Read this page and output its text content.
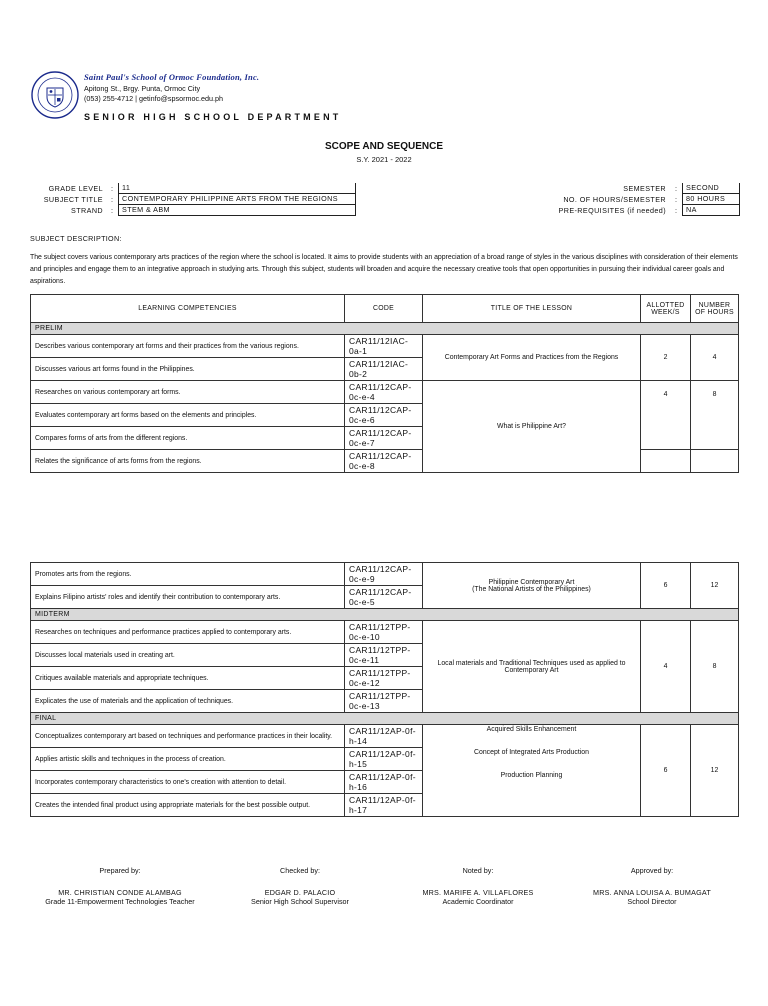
Saint Paul's School of Ormoc Foundation, Inc.
Apitong St., Brgy. Punta, Ormoc City
(053) 255-4712 | getinfo@spsormoc.edu.ph
SENIOR HIGH SCHOOL DEPARTMENT
SCOPE AND SEQUENCE
S.Y. 2021 - 2022
GRADE LEVEL :	11
SUBJECT TITLE :	CONTEMPORARY PHILIPPINE ARTS FROM THE REGIONS
STRAND :	STEM & ABM
SEMESTER :	SECOND
NO. OF HOURS/SEMESTER :	80 HOURS
PRE-REQUISITES (if needed) :	NA
SUBJECT DESCRIPTION:
The subject covers various contemporary arts practices of the region where the school is located. It aims to provide students with an appreciation of a broad range of styles in the various disciplines with consideration of their elements and principles and engage them to an integrative approach in studying arts. Through this subject, students will broaden and acquire the necessary creative tools that open opportunities in pursuing their individual career goals and aspirations.
LEARNING COMPETENCIES	CODE	TITLE OF THE LESSON	ALLOTTED WEEK/S	NUMBER OF HOURS
PRELIM				
Describes various contemporary art forms and their practices from the various regions.	CAR11/12IAC-0a-1	Contemporary Art Forms and Practices from the Regions	2	4
Discusses various art forms found in the Philippines.	CAR11/12IAC-0b-2			
Researches on various contemporary art forms.	CAR11/12CAP-0c-e-4	What is Philippine Art?	4	8
Evaluates contemporary art forms based on the elements and principles.	CAR11/12CAP-0c-e-6			
Compares forms of arts from the different regions.	CAR11/12CAP-0c-e-7			
Relates the significance of arts forms from the regions.	CAR11/12CAP-0c-e-8			
Promotes arts from the regions.	CAR11/12CAP-0c-e-9	Philippine Contemporary Art
(The National Artists of the Philippines)	6	12
Explains Filipino artists' roles and identify their contribution to contemporary arts.	CAR11/12CAP-0c-e-5			
MIDTERM				
Researches on techniques and performance practices applied to contemporary arts.	CAR11/12TPP-0c-e-10	Local materials and Traditional Techniques used as applied to Contemporary Art	4	8
Discusses local materials used in creating art.	CAR11/12TPP-0c-e-11			
Critiques available materials and appropriate techniques.	CAR11/12TPP-0c-e-12			
Explicates the use of materials and the application of techniques.	CAR11/12TPP-0c-e-13			
FINAL				
Conceptualizes contemporary art based on techniques and performance practices in their locality.	CAR11/12AP-0f-h-14	Acquired Skills Enhancement
Concept of Integrated Arts Production
Production Planning	6	12
Applies artistic skills and techniques in the process of creation.	CAR11/12AP-0f-h-15			
Incorporates contemporary characteristics to one's creation with attention to detail.	CAR11/12AP-0f-h-16			
Creates the intended final product using appropriate materials for the best possible output.	CAR11/12AP-0f-h-17			
Prepared by:
MR. CHRISTIAN CONDE ALAMBAG
Grade 11-Empowerment Technologies Teacher
Checked by:
EDGAR D. PALACIO
Senior High School Supervisor
Noted by:
MRS. MARIFE A. VILLAFLORES
Academic Coordinator
Approved by:
MRS. ANNA LOUISA A. BUMAGAT
School Director
